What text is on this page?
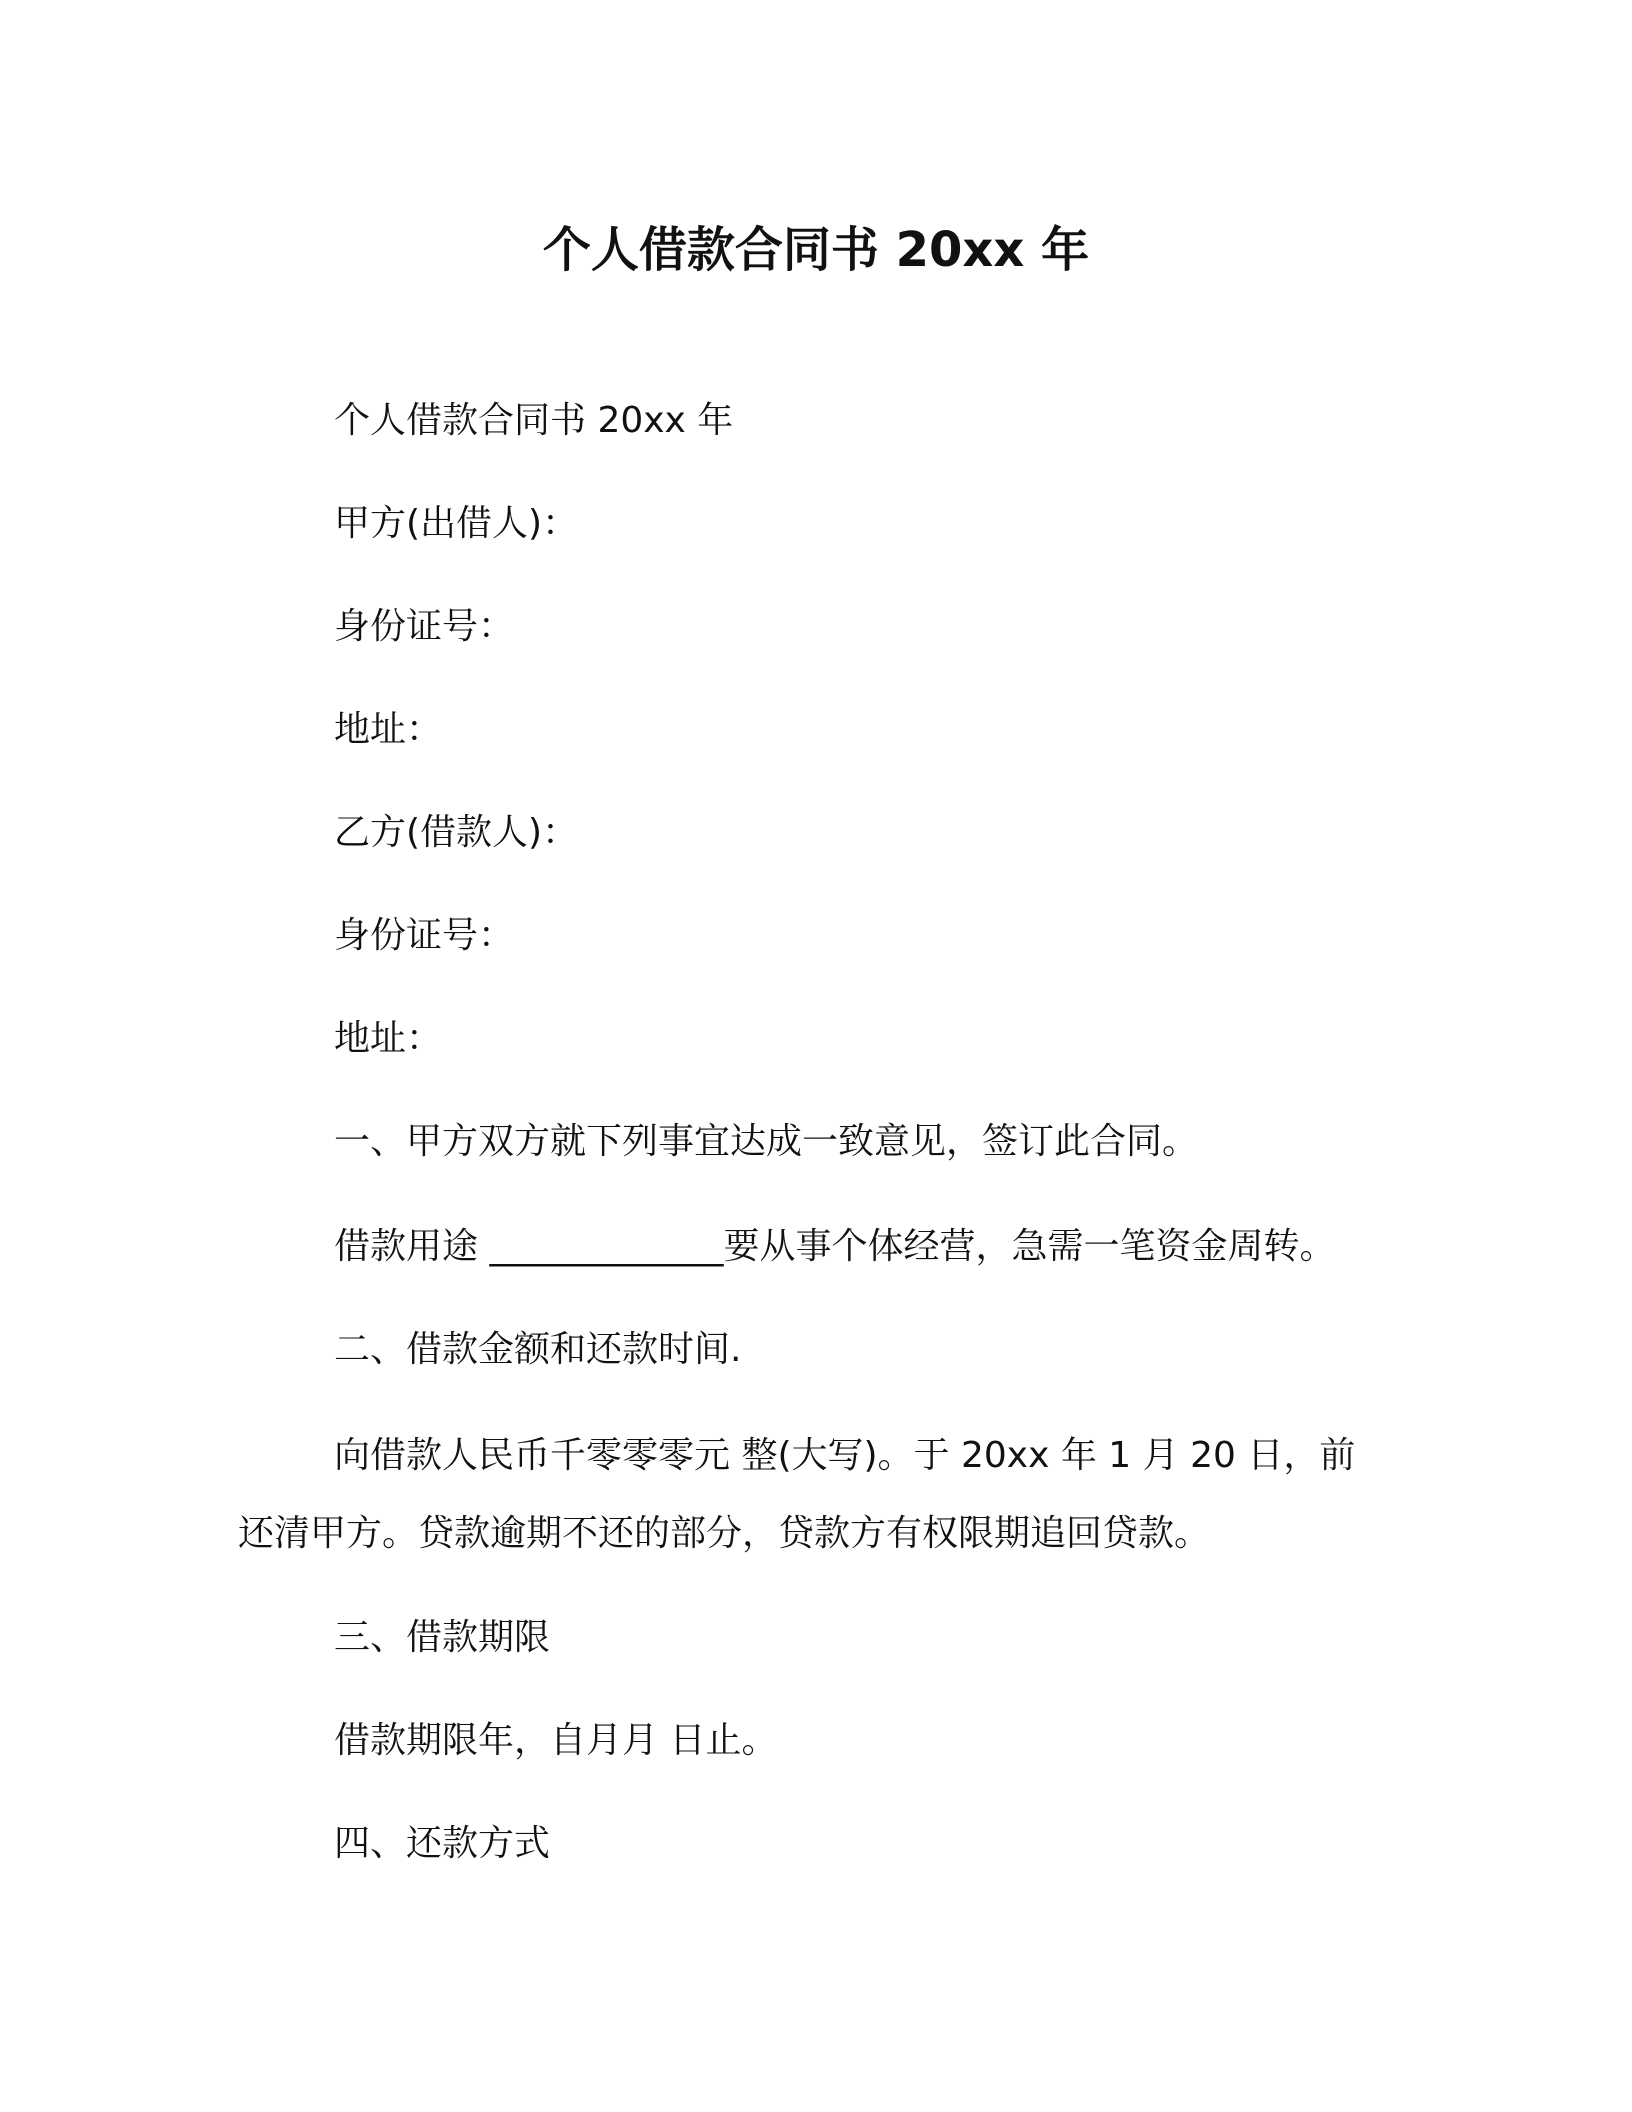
个人借款合同书 20xx 年
个人借款合同书 20xx 年
甲方(出借人)：
身份证号：
地址：
乙方(借款人)：
身份证号：
地址：
一、甲方双方就下列事宜达成一致意见，签订此合同。
借款用途 _____________要从事个体经营，急需一笔资金周转。
二、借款金额和还款时间.
向借款人民币千零零零元 整(大写)。于 20xx 年 1 月 20 日，前还清甲方。贷款逾期不还的部分，贷款方有权限期追回贷款。
三、借款期限
借款期限年，自月月 日止。
四、还款方式
